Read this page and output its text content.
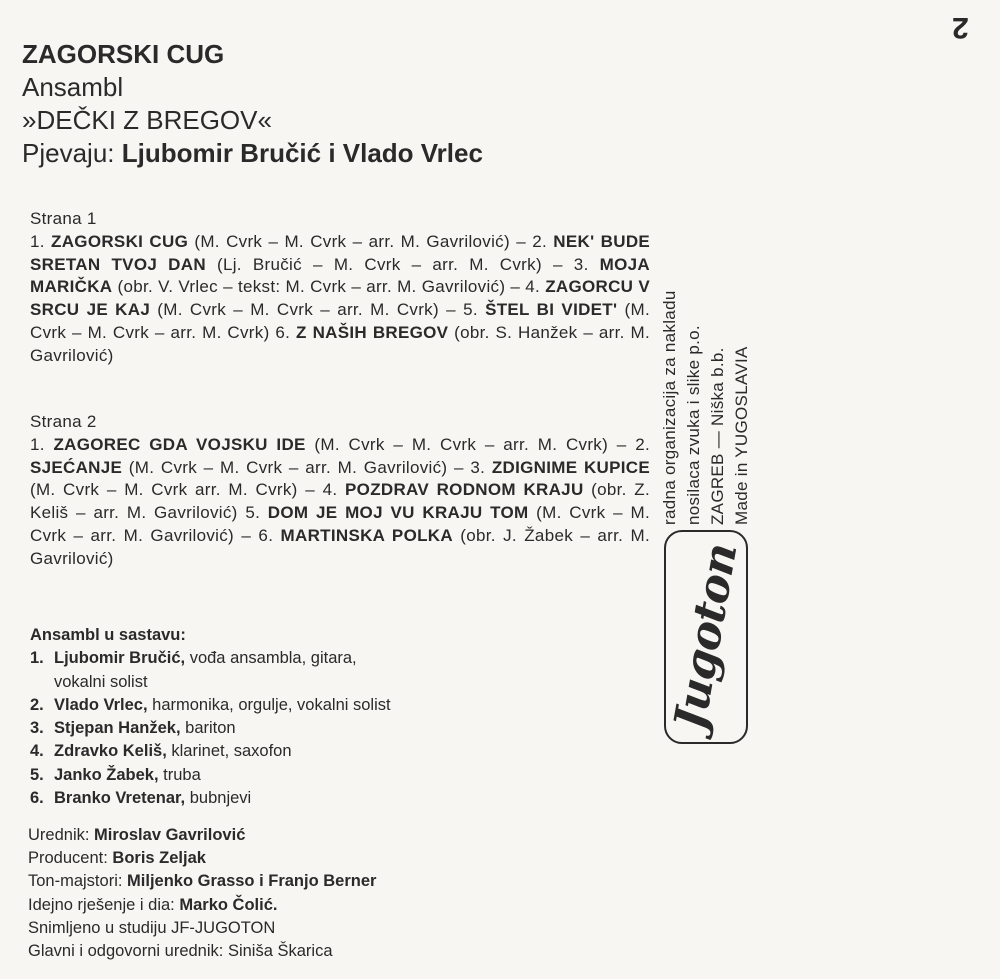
2
ZAGORSKI CUG
Ansambl
»DEČKI Z BREGOV«
Pjevaju: Ljubomir Bručić i Vlado Vrlec
Strana 1
1. ZAGORSKI CUG (M. Cvrk – M. Cvrk – arr. M. Gavrilović) – 2. NEK' BUDE SRETAN TVOJ DAN (Lj. Bručić – M. Cvrk – arr. M. Cvrk) – 3. MOJA MARIČKA (obr. V. Vrlec – tekst: M. Cvrk – arr. M. Gavrilović) – 4. ZAGORCU V SRCU JE KAJ (M. Cvrk – M. Cvrk – arr. M. Cvrk) – 5. ŠTEL BI VIDET' (M. Cvrk – M. Cvrk – arr. M. Cvrk) 6. Z NAŠIH BREGOV (obr. S. Hanžek – arr. M. Gavrilović)
Strana 2
1. ZAGOREC GDA VOJSKU IDE (M. Cvrk – M. Cvrk – arr. M. Cvrk) – 2. SJEĆANJE (M. Cvrk – M. Cvrk – arr. M. Gavrilović) – 3. ZDIGNIME KUPICE (M. Cvrk – M. Cvrk arr. M. Cvrk) – 4. POZDRAV RODNOM KRAJU (obr. Z. Keliš – arr. M. Gavrilović) 5. DOM JE MOJ VU KRAJU TOM (M. Cvrk – M. Cvrk – arr. M. Gavrilović) – 6. MARTINSKA POLKA (obr. J. Žabek – arr. M. Gavrilović)
Ansambl u sastavu:
1. Ljubomir Bručić, vođa ansambla, gitara,
vokalni solist
2. Vlado Vrlec, harmonika, orgulje, vokalni solist
3. Stjepan Hanžek, bariton
4. Zdravko Keliš, klarinet, saxofon
5. Janko Žabek, truba
6. Branko Vretenar, bubnjevi
Urednik: Miroslav Gavrilović
Producent: Boris Zeljak
Ton-majstori: Miljenko Grasso i Franjo Berner
Idejno rješenje i dia: Marko Čolić.
Snimljeno u studiju JF-JUGOTON
Glavni i odgovorni urednik: Siniša Škarica
radna organizacija za nakladu nosilaca zvuka i slike p.o. ZAGREB — Niška b.b. Made in YUGOSLAVIA
Jugoton
